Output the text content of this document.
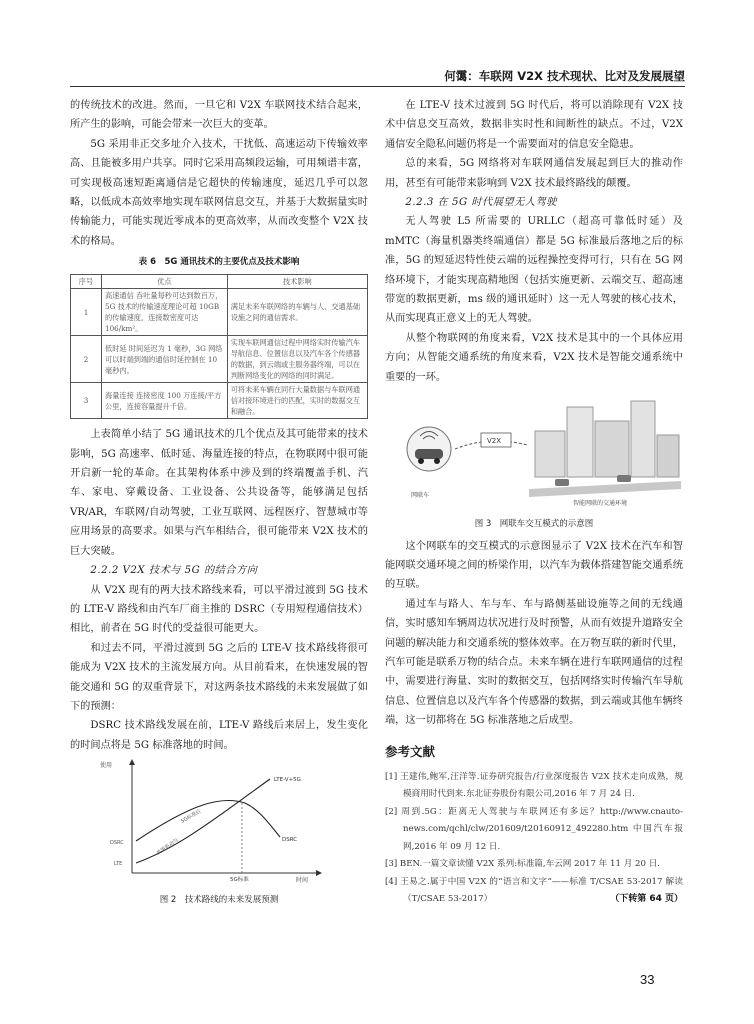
何霭：车联网 V2X 技术现状、比对及发展展望

的传统技术的改进。然而，一旦它和 V2X 车联网技术结合起来，所产生的影响，可能会带来一次巨大的变革。

5G 采用非正交多址介入技术，干扰低、高速运动下传输效率高、且能被多用户共享。同时它采用高频段运输，可用频谱丰富，可实现极高速短距离通信是它超快的传输速度，延迟几乎可以忽略，以低成本高效率地实现车联网信息交互，并基于大数据量实时传输能力，可能实现近零成本的更高效率，从而改变整个 V2X 技术的格局。

表 6　5G 通讯技术的主要优点及技术影响
序号	优点	技术影响
1	高速通信 吞吐量每秒可达到数百万，5G 技术的传输速度理论可超 10GB 的传输速度，连接数密度可达 106/km²。	满足未来车联网络的车辆与人、交通基础设施之间的通信需求。
2	低时延 时间延迟为 1 毫秒，3G 网络可以时端到端的通信时延控制在 10 毫秒内。	实现车联网通信过程中网络实时传输汽车导航信息、位置信息以及汽车各个传感器的数据，到云端或主服务器终端，可以在判断网络变化的网络的同时满足。
3	海量连接 连接密度 100 万连接/平方公里，连接容量提升千倍。	可将未来车辆在同行大量数据与车联网通信对接环境进行的匹配，实时的数据交互和融合。

上表简单小结了 5G 通讯技术的几个优点及其可能带来的技术影响，5G 高速率、低时延、海量连接的特点，在物联网中很可能开启新一轮的革命。在其架构体系中涉及到的终端覆盖手机、汽车、家电、穿戴设备、工业设备、公共设备等，能够满足包括 VR/AR，车联网/自动驾驶，工业互联网、远程医疗、智慧城市等应用场景的高要求。如果与汽车相结合，很可能带来 V2X 技术的巨大突破。

2.2.2 V2X 技术与 5G 的结合方向

从 V2X 现有的两大技术路线来看，可以平滑过渡到 5G 技术的 LTE-V 路线和由汽车厂商主推的 DSRC（专用短程通信技术）相比，前者在 5G 时代的受益很可能更大。

和过去不同，平滑过渡到 5G 之后的 LTE-V 技术路线将很可能成为 V2X 技术的主流发展方向。从目前看来，在快速发展的智能交通和 5G 的双重背景下，对这两条技术路线的未来发展做了如下的预测：

DSRC 技术路线发展在前，LTE-V 路线后来居上，发生变化的时间点将是 5G 标准落地的时间。

使用
时间
LTE-V+5G
DSRC
5G标准后
政策驱动与
5G标准
DSRC
LTE
图 2　技术路线的未来发展预测

在 LTE-V 技术过渡到 5G 时代后，将可以消除现有 V2X 技术中信息交互高效，数据非实时性和间断性的缺点。不过，V2X 通信安全隐私问题仍将是一个需要面对的信息安全隐患。

总的来看，5G 网络将对车联网通信发展起到巨大的推动作用，甚至有可能带来影响到 V2X 技术最终路线的颠覆。

2.2.3 在 5G 时代展望无人驾驶

无人驾驶 L5 所需要的 URLLC（超高可靠低时延）及 mMTC（海量机器类终端通信）都是 5G 标准最后落地之后的标准，5G 的短延迟特性使云端的远程操控变得可行，只有在 5G 网络环境下，才能实现高精地图（包括实施更新、云端交互、超高速带宽的数据更新，ms 级的通讯延时）这一无人驾驶的核心技术，从而实现真正意义上的无人驾驶。

从整个物联网的角度来看，V2X 技术是其中的一个具体应用方向；从智能交通系统的角度来看，V2X 技术是智能交通系统中重要的一环。

V2X
网联车
智能网联的交通环境
图 3　网联车交互模式的示意图

这个网联车的交互模式的示意图显示了 V2X 技术在汽车和智能网联交通环境之间的桥梁作用，以汽车为载体搭建智能交通系统的互联。

通过车与路人、车与车、车与路侧基础设施等之间的无线通信，实时感知车辆周边状况进行及时预警，从而有效提升道路安全问题的解决能力和交通系统的整体效率。在万物互联的新时代里，汽车可能是联系万物的结合点。未来车辆在进行车联网通信的过程中，需要进行海量、实时的数据交互，包括网络实时传输汽车导航信息、位置信息以及汽车各个传感器的数据，到云端或其他车辆终端，这一切都将在 5G 标准落地之后成型。

参考文献
[1] 王建伟,鲍军,汪洋等.证券研究报告/行业深度报告 V2X 技术走向成熟，规模商用时代到来.东北证券股份有限公司,2016 年 7 月 24 日.
[2] 周到.5G：距离无人驾驶与车联网还有多远？http://www.cnauto-news.com/qchl/clw/201609/t20160912_492280.htm 中国汽车报网,2016 年 09 月 12 日.
[3] BEN.一篇文章读懂 V2X 系列:标准篇,车云网 2017 年 11 月 20 日.
[4] 王易之.属于中国 V2X 的“语言和文字”——标准 T/CSAE 53-2017 解读（T/CSAE 53-2017）	（下转第 64 页）
33
